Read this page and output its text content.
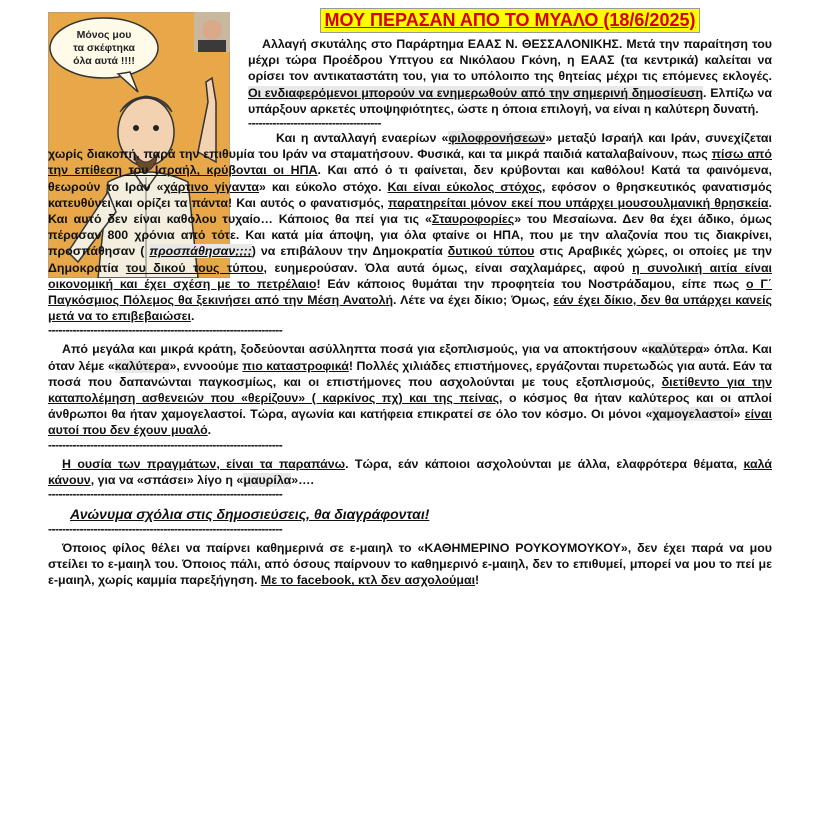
Μόνος μου
τα σκέφτηκα
όλα αυτά !!!!
ΜΟΥ ΠΕΡΑΣΑΝ ΑΠΟ ΤΟ ΜΥΑΛΟ (18/6/2025)

Αλλαγή σκυτάλης στο Παράρτημα ΕΑΑΣ Ν. ΘΕΣΣΑΛΟΝΙΚΗΣ. Μετά την παραίτηση του μέχρι τώρα Προέδρου Υπτγου εα Νικόλαου Γκόνη, η ΕΑΑΣ (τα κεντρικά) καλείται να ορίσει τον αντικαταστάτη του, για το υπόλοιπο της θητείας μέχρι τις επόμενες εκλογές. Οι ενδιαφερόμενοι μπορούν να ενημερωθούν από την σημερινή δημοσίευση. Ελπίζω να υπάρξουν αρκετές υποψηφιότητες, ώστε η όποια επιλογή, να είναι η καλύτερη δυνατή.

--------------------------------------

Και η ανταλλαγή εναερίων «φιλοφρονήσεων» μεταξύ Ισραήλ και Ιράν, συνεχίζεται χωρίς διακοπή, παρά την επιθυμία του Ιράν να σταματήσουν. Φυσικά, και τα μικρά παιδιά καταλαβαίνουν, πως πίσω από την επίθεση του Ισραήλ, κρύβονται οι ΗΠΑ. Και από ό τι φαίνεται, δεν κρύβονται και καθόλου! Κατά τα φαινόμενα, θεωρούν το Ιράν «χάρτινο γίγαντα» και εύκολο στόχο. Και είναι εύκολος στόχος, εφόσον ο θρησκευτικός φανατισμός κατευθύνει και ορίζει τα πάντα! Και αυτός ο φανατισμός, παρατηρείται μόνον εκεί που υπάρχει μουσουλμανική θρησκεία. Και αυτό δεν είναι καθόλου τυχαίο… Κάποιος θα πεί για τις «Σταυροφορίες» του Μεσαίωνα. Δεν θα έχει άδικο, όμως πέρασαν 800 χρόνια από τότε. Και κατά μία άποψη, για όλα φταίνε οι ΗΠΑ, που με την αλαζονία που τις διακρίνει, προσπάθησαν ( προσπάθησαν;;;;) να επιβάλουν την Δημοκρατία δυτικού τύπου στις Αραβικές χώρες, οι οποίες με την Δημοκρατία του δικού τους τύπου, ευημερούσαν. Όλα αυτά όμως, είναι σαχλαμάρες, αφού η συνολική αιτία είναι οικονομική και έχει σχέση με το πετρέλαιο! Εάν κάποιος θυμάται την προφητεία του Νοστράδαμου, είπε πως ο Γ΄ Παγκόσμιος Πόλεμος θα ξεκινήσει από την Μέση Ανατολή. Λέτε να έχει δίκιο; Όμως, εάν έχει δίκιο, δεν θα υπάρχει κανείς μετά να το επιβεβαιώσει.

-------------------------------------------------------------------

Από μεγάλα και μικρά κράτη, ξοδεύονται ασύλληπτα ποσά για εξοπλισμούς, για να αποκτήσουν «καλύτερα» όπλα. Και όταν λέμε «καλύτερα», εννοούμε πιο καταστροφικά! Πολλές χιλιάδες επιστήμονες, εργάζονται πυρετωδώς για αυτά. Εάν τα ποσά που δαπανώνται παγκοσμίως, και οι επιστήμονες που ασχολούνται με τους εξοπλισμούς, διετίθεντο για την καταπολέμηση ασθενειών που «θερίζουν» ( καρκίνος πχ) και της πείνας, ο κόσμος θα ήταν καλύτερος και οι απλοί άνθρωποι θα ήταν χαμογελαστοί. Τώρα, αγωνία και κατήφεια επικρατεί σε όλο τον κόσμο. Οι μόνοι «χαμογελαστοί» είναι αυτοί που δεν έχουν μυαλό.

-------------------------------------------------------------------

Η ουσία των πραγμάτων, είναι τα παραπάνω. Τώρα, εάν κάποιοι ασχολούνται με άλλα, ελαφρότερα θέματα, καλά κάνουν, για να «σπάσει» λίγο η «μαυρίλα»….

-------------------------------------------------------------------
Ανώνυμα σχόλια στις δημοσιεύσεις, θα διαγράφονται!
-------------------------------------------------------------------

Όποιος φίλος θέλει να παίρνει καθημερινά σε ε-μαιηλ το «ΚΑΘΗΜΕΡΙΝΟ ΡΟΥΚΟΥΜΟΥΚΟΥ», δεν έχει παρά να μου στείλει το ε-μαιηλ του. Όποιος πάλι, από όσους παίρνουν το καθημερινό ε-μαιηλ, δεν το επιθυμεί, μπορεί να μου το πεί με ε-μαιηλ, χωρίς καμμία παρεξήγηση. Με το facebook, κτλ δεν ασχολούμαι!
